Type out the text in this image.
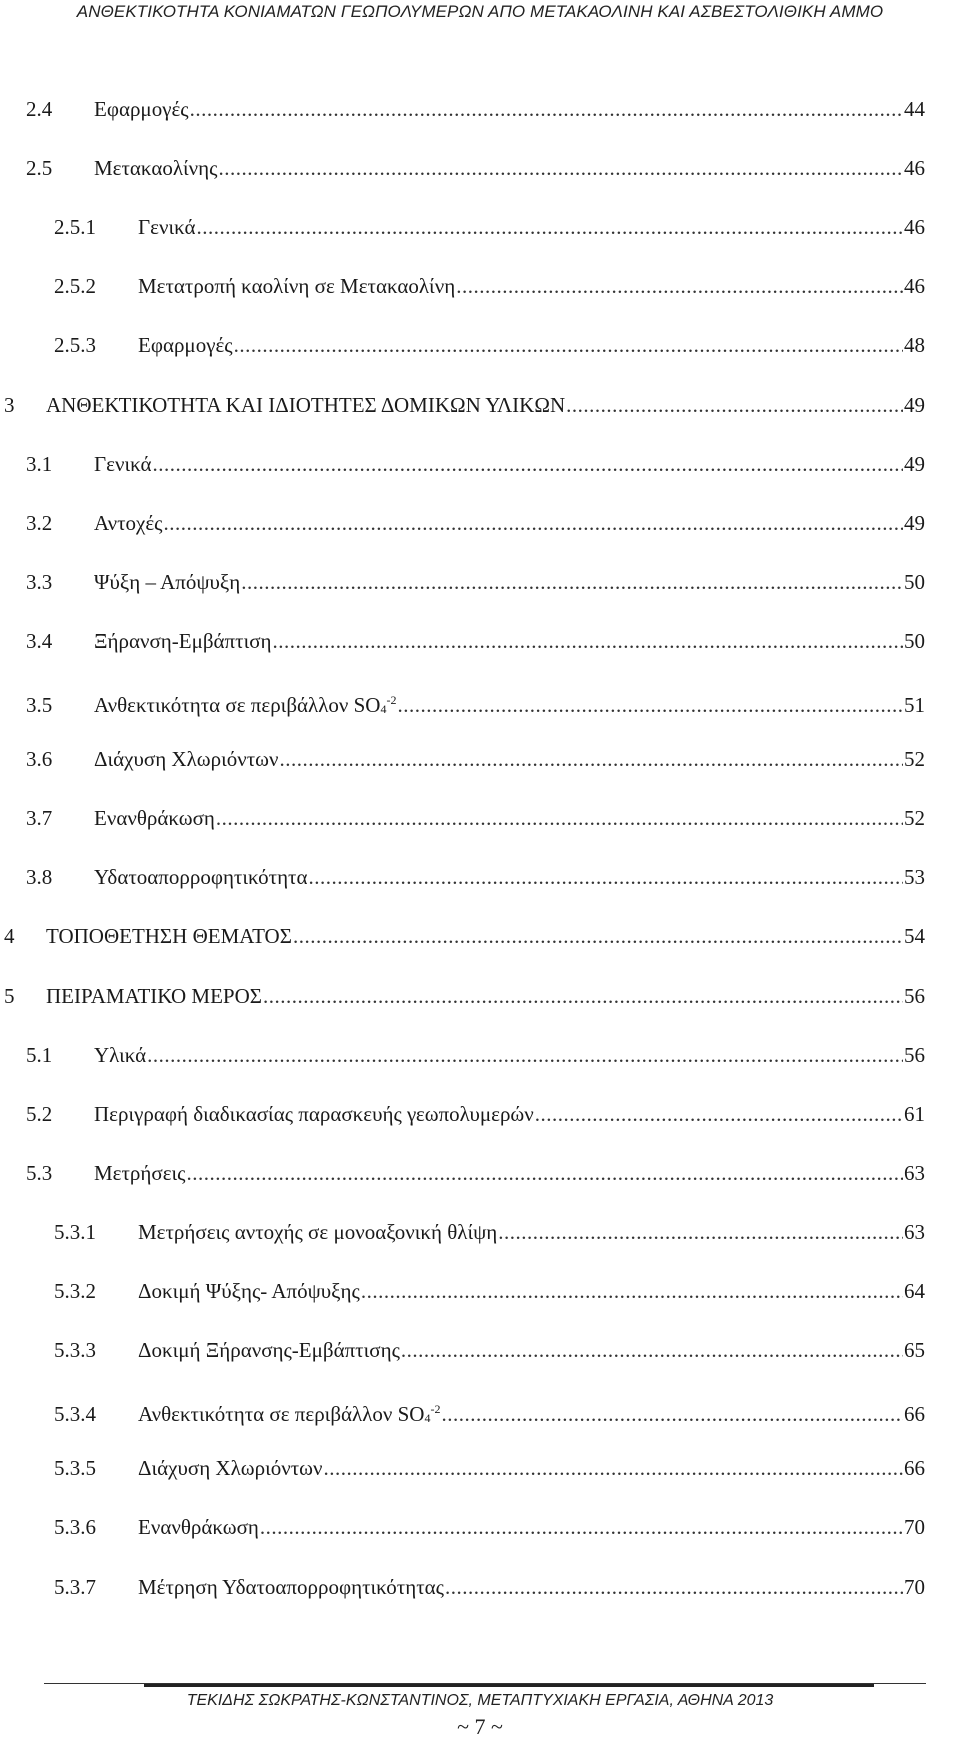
ΑΝΘΕΚΤΙΚΟΤΗΤΑ ΚΟΝΙΑΜΑΤΩΝ ΓΕΩΠΟΛΥΜΕΡΩΝ ΑΠΟ ΜΕΤΑΚΑΟΛΙΝΗ ΚΑΙ ΑΣΒΕΣΤΟΛΙΘΙΚΗ ΑΜΜΟ
2.4	Εφαρμογές .....	44
2.5	Μετακαολίνης .....	46
2.5.1	Γενικά .....	46
2.5.2	Μετατροπή καολίνη σε Μετακαολίνη .....	46
2.5.3	Εφαρμογές .....	48
3	ΑΝΘΕΚΤΙΚΟΤΗΤΑ ΚΑΙ ΙΔΙΟΤΗΤΕΣ ΔΟΜΙΚΩΝ ΥΛΙΚΩΝ .....	49
3.1	Γενικά .....	49
3.2	Αντοχές .....	49
3.3	Ψύξη – Απόψυξη .....	50
3.4	Ξήρανση-Εμβάπτιση .....	50
3.5	Ανθεκτικότητα σε περιβάλλον $SO4^{-2}$ .....	51
3.6	Διάχυση Χλωριόντων .....	52
3.7	Ενανθράκωση .....	52
3.8	Υδατοαπορροφητικότητα .....	53
4	ΤΟΠΟΘΕΤΗΣΗ ΘΕΜΑΤΟΣ .....	54
5	ΠΕΙΡΑΜΑΤΙΚΟ ΜΕΡΟΣ .....	56
5.1	Υλικά .....	56
5.2	Περιγραφή διαδικασίας παρασκευής γεωπολυμερών .....	61
5.3	Μετρήσεις .....	63
5.3.1	Μετρήσεις αντοχής σε μονοαξονική θλίψη .....	63
5.3.2	Δοκιμή Ψύξης- Απόψυξης .....	64
5.3.3	Δοκιμή Ξήρανσης-Εμβάπτισης .....	65
5.3.4	Ανθεκτικότητα σε περιβάλλον $SO4^{-2}$ .....	66
5.3.5	Διάχυση Χλωριόντων .....	66
5.3.6	Ενανθράκωση .....	70
5.3.7	Μέτρηση Υδατοαπορροφητικότητας .....	70
ΤΕΚΙΔΗΣ ΣΩΚΡΑΤΗΣ-ΚΩΝΣΤΑΝΤΙΝΟΣ, ΜΕΤΑΠΤΥΧΙΑΚΗ ΕΡΓΑΣΙΑ, ΑΘΗΝΑ 2013
~ 7 ~
